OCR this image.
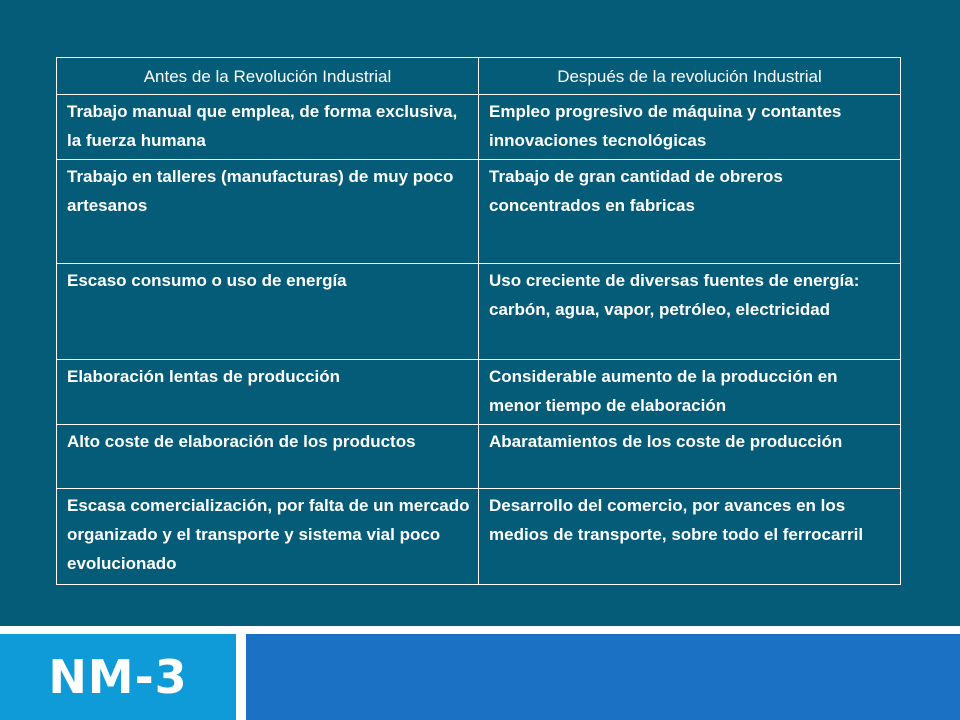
Antes de la Revolución Industrial	Después de la revolución Industrial
Trabajo manual que emplea, de forma exclusiva, la fuerza humana	Empleo progresivo de máquina y contantes innovaciones tecnológicas
Trabajo en talleres (manufacturas) de muy poco artesanos	Trabajo de gran cantidad de obreros concentrados en fabricas
Escaso consumo o uso de energía	Uso creciente de diversas fuentes de energía: carbón, agua, vapor, petróleo, electricidad
Elaboración lentas de producción	Considerable aumento de la producción en menor tiempo de elaboración
Alto coste de elaboración de los productos	Abaratamientos de los coste de producción
Escasa comercialización, por falta de un mercado organizado y el transporte y sistema vial poco evolucionado	Desarrollo del comercio, por avances en los medios de transporte, sobre todo el ferrocarril
NM-3
